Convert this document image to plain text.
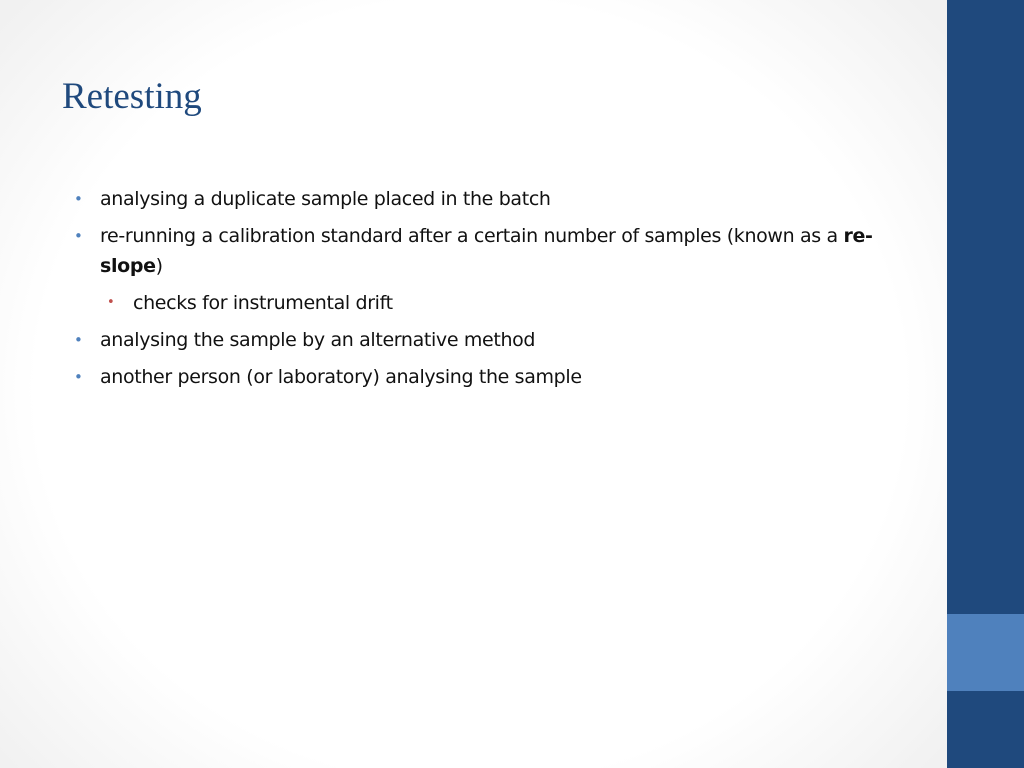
Retesting
• analysing a duplicate sample placed in the batch
• re-running a calibration standard after a certain number of samples (known as a re-slope)
• checks for instrumental drift
• analysing the sample by an alternative method
• another person (or laboratory) analysing the sample
